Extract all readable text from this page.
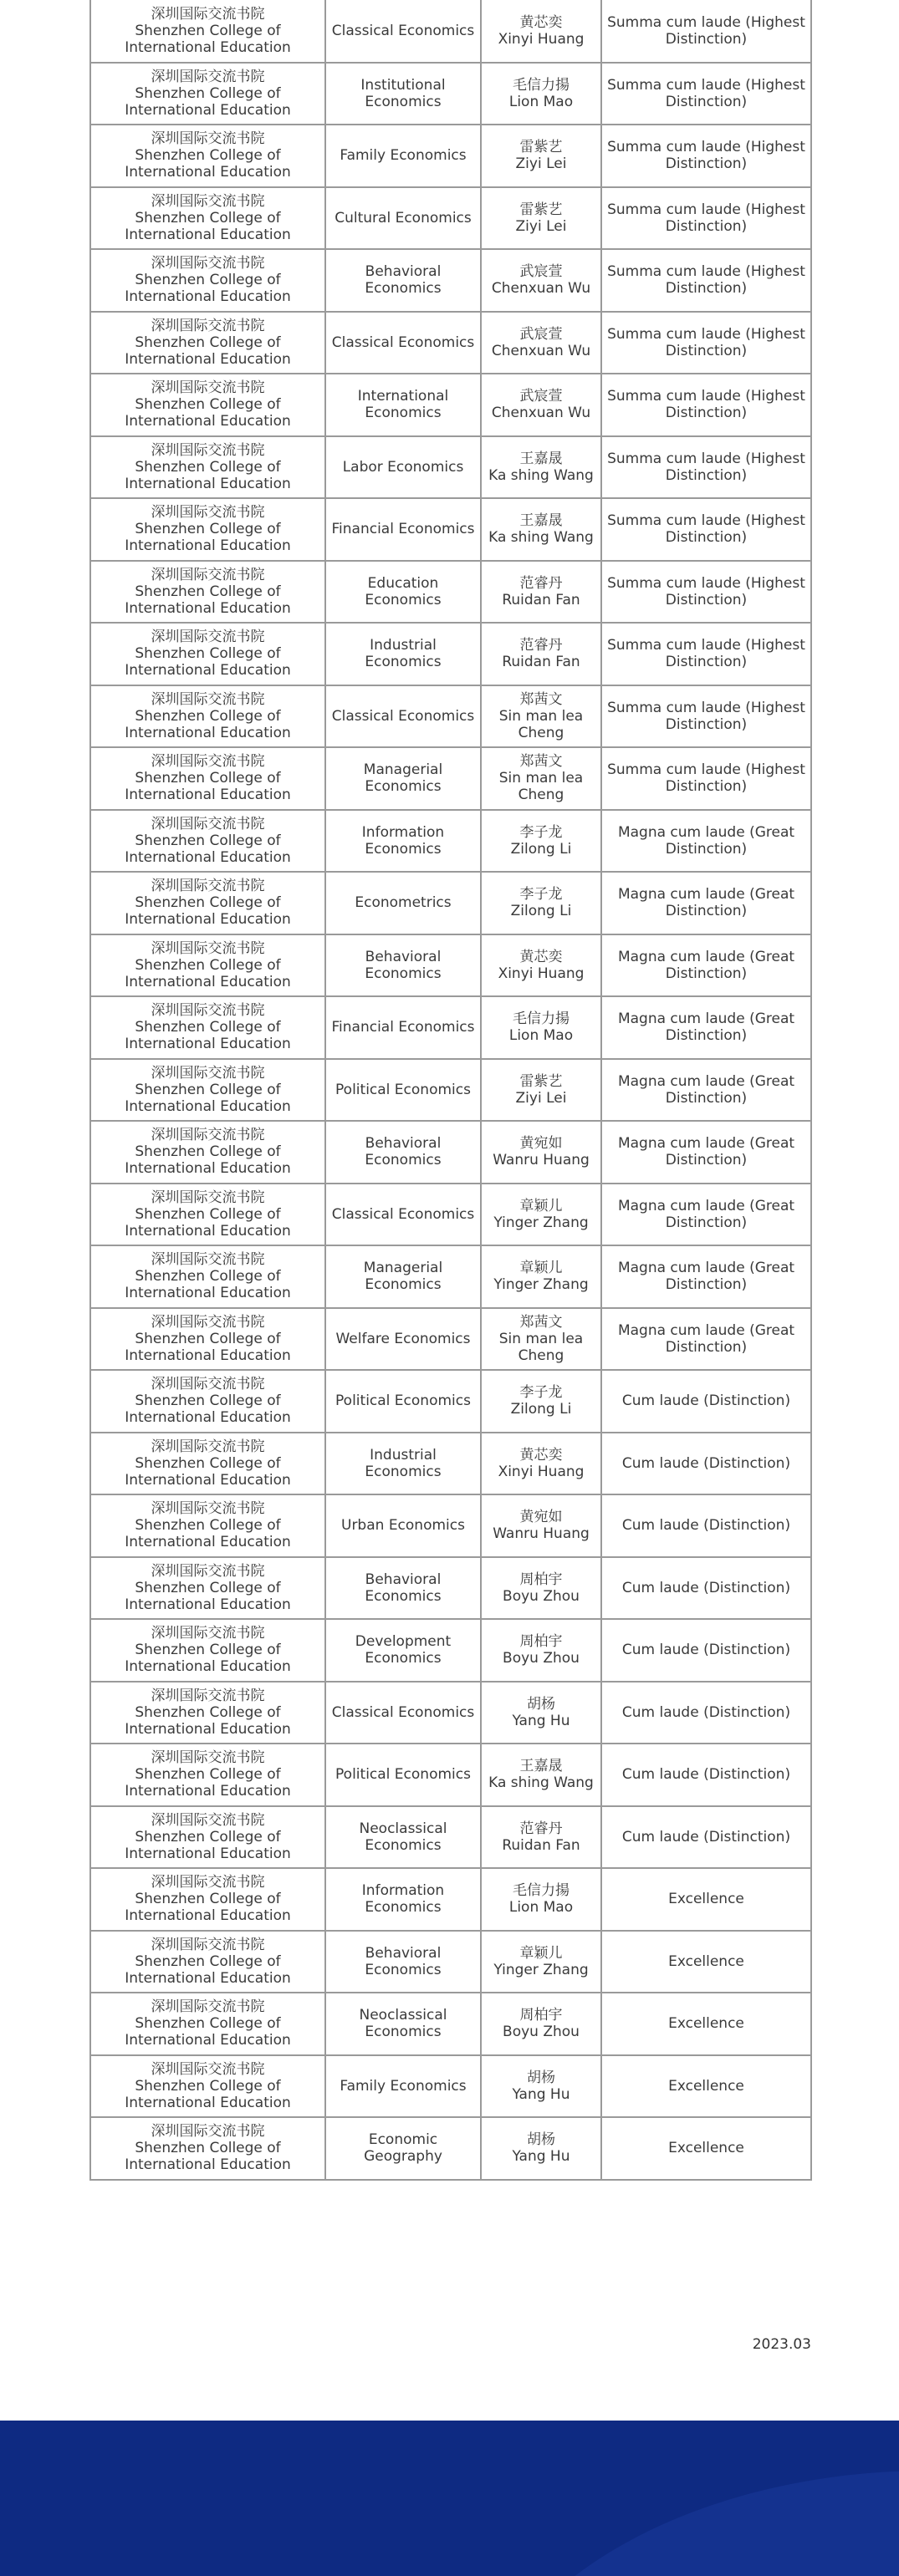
深圳国际交流书院
Shenzhen College of
International Education	Classical Economics	黄芯奕
Xinyi Huang	Summa cum laude (Highest
Distinction)
深圳国际交流书院
Shenzhen College of
International Education	Institutional
Economics	毛信力揚
Lion Mao	Summa cum laude (Highest
Distinction)
深圳国际交流书院
Shenzhen College of
International Education	Family Economics	雷紫艺
Ziyi Lei	Summa cum laude (Highest
Distinction)
深圳国际交流书院
Shenzhen College of
International Education	Cultural Economics	雷紫艺
Ziyi Lei	Summa cum laude (Highest
Distinction)
深圳国际交流书院
Shenzhen College of
International Education	Behavioral
Economics	武宸萱
Chenxuan Wu	Summa cum laude (Highest
Distinction)
深圳国际交流书院
Shenzhen College of
International Education	Classical Economics	武宸萱
Chenxuan Wu	Summa cum laude (Highest
Distinction)
深圳国际交流书院
Shenzhen College of
International Education	International
Economics	武宸萱
Chenxuan Wu	Summa cum laude (Highest
Distinction)
深圳国际交流书院
Shenzhen College of
International Education	Labor Economics	王嘉晟
Ka shing Wang	Summa cum laude (Highest
Distinction)
深圳国际交流书院
Shenzhen College of
International Education	Financial Economics	王嘉晟
Ka shing Wang	Summa cum laude (Highest
Distinction)
深圳国际交流书院
Shenzhen College of
International Education	Education
Economics	范睿丹
Ruidan Fan	Summa cum laude (Highest
Distinction)
深圳国际交流书院
Shenzhen College of
International Education	Industrial
Economics	范睿丹
Ruidan Fan	Summa cum laude (Highest
Distinction)
深圳国际交流书院
Shenzhen College of
International Education	Classical Economics	郑茜文
Sin man lea
Cheng	Summa cum laude (Highest
Distinction)
深圳国际交流书院
Shenzhen College of
International Education	Managerial
Economics	郑茜文
Sin man lea
Cheng	Summa cum laude (Highest
Distinction)
深圳国际交流书院
Shenzhen College of
International Education	Information
Economics	李子龙
Zilong Li	Magna cum laude (Great
Distinction)
深圳国际交流书院
Shenzhen College of
International Education	Econometrics	李子龙
Zilong Li	Magna cum laude (Great
Distinction)
深圳国际交流书院
Shenzhen College of
International Education	Behavioral
Economics	黄芯奕
Xinyi Huang	Magna cum laude (Great
Distinction)
深圳国际交流书院
Shenzhen College of
International Education	Financial Economics	毛信力揚
Lion Mao	Magna cum laude (Great
Distinction)
深圳国际交流书院
Shenzhen College of
International Education	Political Economics	雷紫艺
Ziyi Lei	Magna cum laude (Great
Distinction)
深圳国际交流书院
Shenzhen College of
International Education	Behavioral
Economics	黄宛如
Wanru Huang	Magna cum laude (Great
Distinction)
深圳国际交流书院
Shenzhen College of
International Education	Classical Economics	章颖儿
Yinger Zhang	Magna cum laude (Great
Distinction)
深圳国际交流书院
Shenzhen College of
International Education	Managerial
Economics	章颖儿
Yinger Zhang	Magna cum laude (Great
Distinction)
深圳国际交流书院
Shenzhen College of
International Education	Welfare Economics	郑茜文
Sin man lea
Cheng	Magna cum laude (Great
Distinction)
深圳国际交流书院
Shenzhen College of
International Education	Political Economics	李子龙
Zilong Li	Cum laude (Distinction)
深圳国际交流书院
Shenzhen College of
International Education	Industrial
Economics	黄芯奕
Xinyi Huang	Cum laude (Distinction)
深圳国际交流书院
Shenzhen College of
International Education	Urban Economics	黄宛如
Wanru Huang	Cum laude (Distinction)
深圳国际交流书院
Shenzhen College of
International Education	Behavioral
Economics	周柏宇
Boyu Zhou	Cum laude (Distinction)
深圳国际交流书院
Shenzhen College of
International Education	Development
Economics	周柏宇
Boyu Zhou	Cum laude (Distinction)
深圳国际交流书院
Shenzhen College of
International Education	Classical Economics	胡杨
Yang Hu	Cum laude (Distinction)
深圳国际交流书院
Shenzhen College of
International Education	Political Economics	王嘉晟
Ka shing Wang	Cum laude (Distinction)
深圳国际交流书院
Shenzhen College of
International Education	Neoclassical
Economics	范睿丹
Ruidan Fan	Cum laude (Distinction)
深圳国际交流书院
Shenzhen College of
International Education	Information
Economics	毛信力揚
Lion Mao	Excellence
深圳国际交流书院
Shenzhen College of
International Education	Behavioral
Economics	章颖儿
Yinger Zhang	Excellence
深圳国际交流书院
Shenzhen College of
International Education	Neoclassical
Economics	周柏宇
Boyu Zhou	Excellence
深圳国际交流书院
Shenzhen College of
International Education	Family Economics	胡杨
Yang Hu	Excellence
深圳国际交流书院
Shenzhen College of
International Education	Economic
Geography	胡杨
Yang Hu	Excellence
2023.03
